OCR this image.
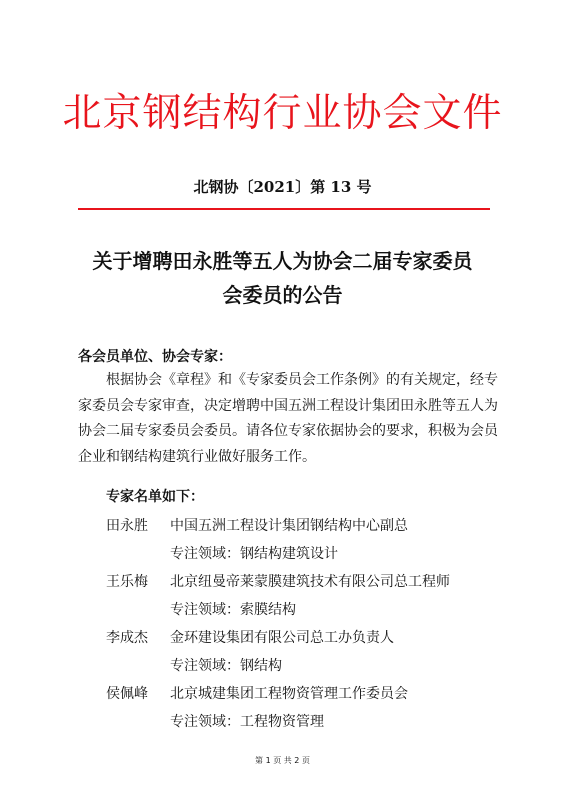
北京钢结构行业协会文件
北钢协〔2021〕第 13 号
关于增聘田永胜等五人为协会二届专家委员
会委员的公告
各会员单位、协会专家：
根据协会《章程》和《专家委员会工作条例》的有关规定，经专家委员会专家审查，决定增聘中国五洲工程设计集团田永胜等五人为协会二届专家委员会委员。请各位专家依据协会的要求，积极为会员企业和钢结构建筑行业做好服务工作。
专家名单如下：
田永胜 中国五洲工程设计集团钢结构中心副总
专注领域：钢结构建筑设计
王乐梅 北京纽曼帝莱蒙膜建筑技术有限公司总工程师
专注领域：索膜结构
李成杰 金环建设集团有限公司总工办负责人
专注领域：钢结构
侯佩峰 北京城建集团工程物资管理工作委员会
专注领域：工程物资管理
第 1 页 共 2 页
